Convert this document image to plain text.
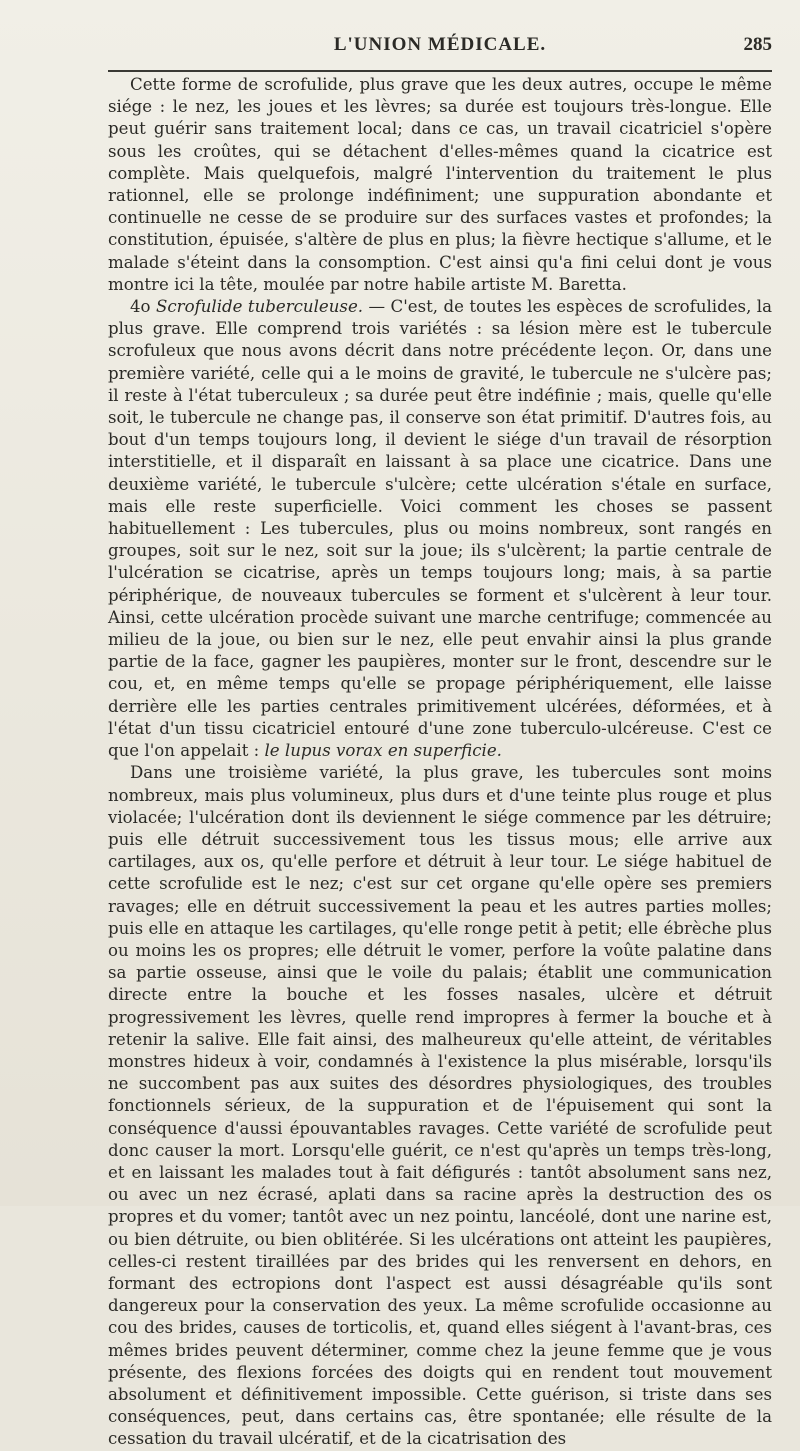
L'UNION MÉDICALE.	285

Cette forme de scrofulide, plus grave que les deux autres, occupe le même siége : le nez, les joues et les lèvres; sa durée est toujours très-longue. Elle peut guérir sans traitement local; dans ce cas, un travail cicatriciel s'opère sous les croûtes, qui se détachent d'elles-mêmes quand la cicatrice est complète. Mais quelquefois, malgré l'intervention du traitement le plus rationnel, elle se prolonge indéfiniment; une suppuration abondante et continuelle ne cesse de se produire sur des surfaces vastes et profondes; la constitution, épuisée, s'altère de plus en plus; la fièvre hectique s'allume, et le malade s'éteint dans la consomption. C'est ainsi qu'a fini celui dont je vous montre ici la tête, moulée par notre habile artiste M. Baretta.

4o Scrofulide tuberculeuse. — C'est, de toutes les espèces de scrofulides, la plus grave. Elle comprend trois variétés : sa lésion mère est le tubercule scrofuleux que nous avons décrit dans notre précédente leçon. Or, dans une première variété, celle qui a le moins de gravité, le tubercule ne s'ulcère pas; il reste à l'état tuberculeux ; sa durée peut être indéfinie ; mais, quelle qu'elle soit, le tubercule ne change pas, il conserve son état primitif. D'autres fois, au bout d'un temps toujours long, il devient le siége d'un travail de résorption interstitielle, et il disparaît en laissant à sa place une cicatrice. Dans une deuxième variété, le tubercule s'ulcère; cette ulcération s'étale en surface, mais elle reste superficielle. Voici comment les choses se passent habituellement : Les tubercules, plus ou moins nombreux, sont rangés en groupes, soit sur le nez, soit sur la joue; ils s'ulcèrent; la partie centrale de l'ulcération se cicatrise, après un temps toujours long; mais, à sa partie périphérique, de nouveaux tubercules se forment et s'ulcèrent à leur tour. Ainsi, cette ulcération procède suivant une marche centrifuge; commencée au milieu de la joue, ou bien sur le nez, elle peut envahir ainsi la plus grande partie de la face, gagner les paupières, monter sur le front, descendre sur le cou, et, en même temps qu'elle se propage périphériquement, elle laisse derrière elle les parties centrales primitivement ulcérées, déformées, et à l'état d'un tissu cicatriciel entouré d'une zone tuberculo-ulcéreuse. C'est ce que l'on appelait : le lupus vorax en superficie.

Dans une troisième variété, la plus grave, les tubercules sont moins nombreux, mais plus volumineux, plus durs et d'une teinte plus rouge et plus violacée; l'ulcération dont ils deviennent le siége commence par les détruire; puis elle détruit successivement tous les tissus mous; elle arrive aux cartilages, aux os, qu'elle perfore et détruit à leur tour. Le siége habituel de cette scrofulide est le nez; c'est sur cet organe qu'elle opère ses premiers ravages; elle en détruit successivement la peau et les autres parties molles; puis elle en attaque les cartilages, qu'elle ronge petit à petit; elle ébrèche plus ou moins les os propres; elle détruit le vomer, perfore la voûte palatine dans sa partie osseuse, ainsi que le voile du palais; établit une communication directe entre la bouche et les fosses nasales, ulcère et détruit progressivement les lèvres, quelle rend impropres à fermer la bouche et à retenir la salive. Elle fait ainsi, des malheureux qu'elle atteint, de véritables monstres hideux à voir, condamnés à l'existence la plus misérable, lorsqu'ils ne succombent pas aux suites des désordres physiologiques, des troubles fonctionnels sérieux, de la suppuration et de l'épuisement qui sont la conséquence d'aussi épouvantables ravages. Cette variété de scrofulide peut donc causer la mort. Lorsqu'elle guérit, ce n'est qu'après un temps très-long, et en laissant les malades tout à fait défigurés : tantôt absolument sans nez, ou avec un nez écrasé, aplati dans sa racine après la destruction des os propres et du vomer; tantôt avec un nez pointu, lancéolé, dont une narine est, ou bien détruite, ou bien oblitérée. Si les ulcérations ont atteint les paupières, celles-ci restent tiraillées par des brides qui les renversent en dehors, en formant des ectropions dont l'aspect est aussi désagréable qu'ils sont dangereux pour la conservation des yeux. La même scrofulide occasionne au cou des brides, causes de torticolis, et, quand elles siégent à l'avant-bras, ces mêmes brides peuvent déterminer, comme chez la jeune femme que je vous présente, des flexions forcées des doigts qui en rendent tout mouvement absolument et définitivement impossible. Cette guérison, si triste dans ses conséquences, peut, dans certains cas, être spontanée; elle résulte de la cessation du travail ulcératif, et de la cicatrisation des
